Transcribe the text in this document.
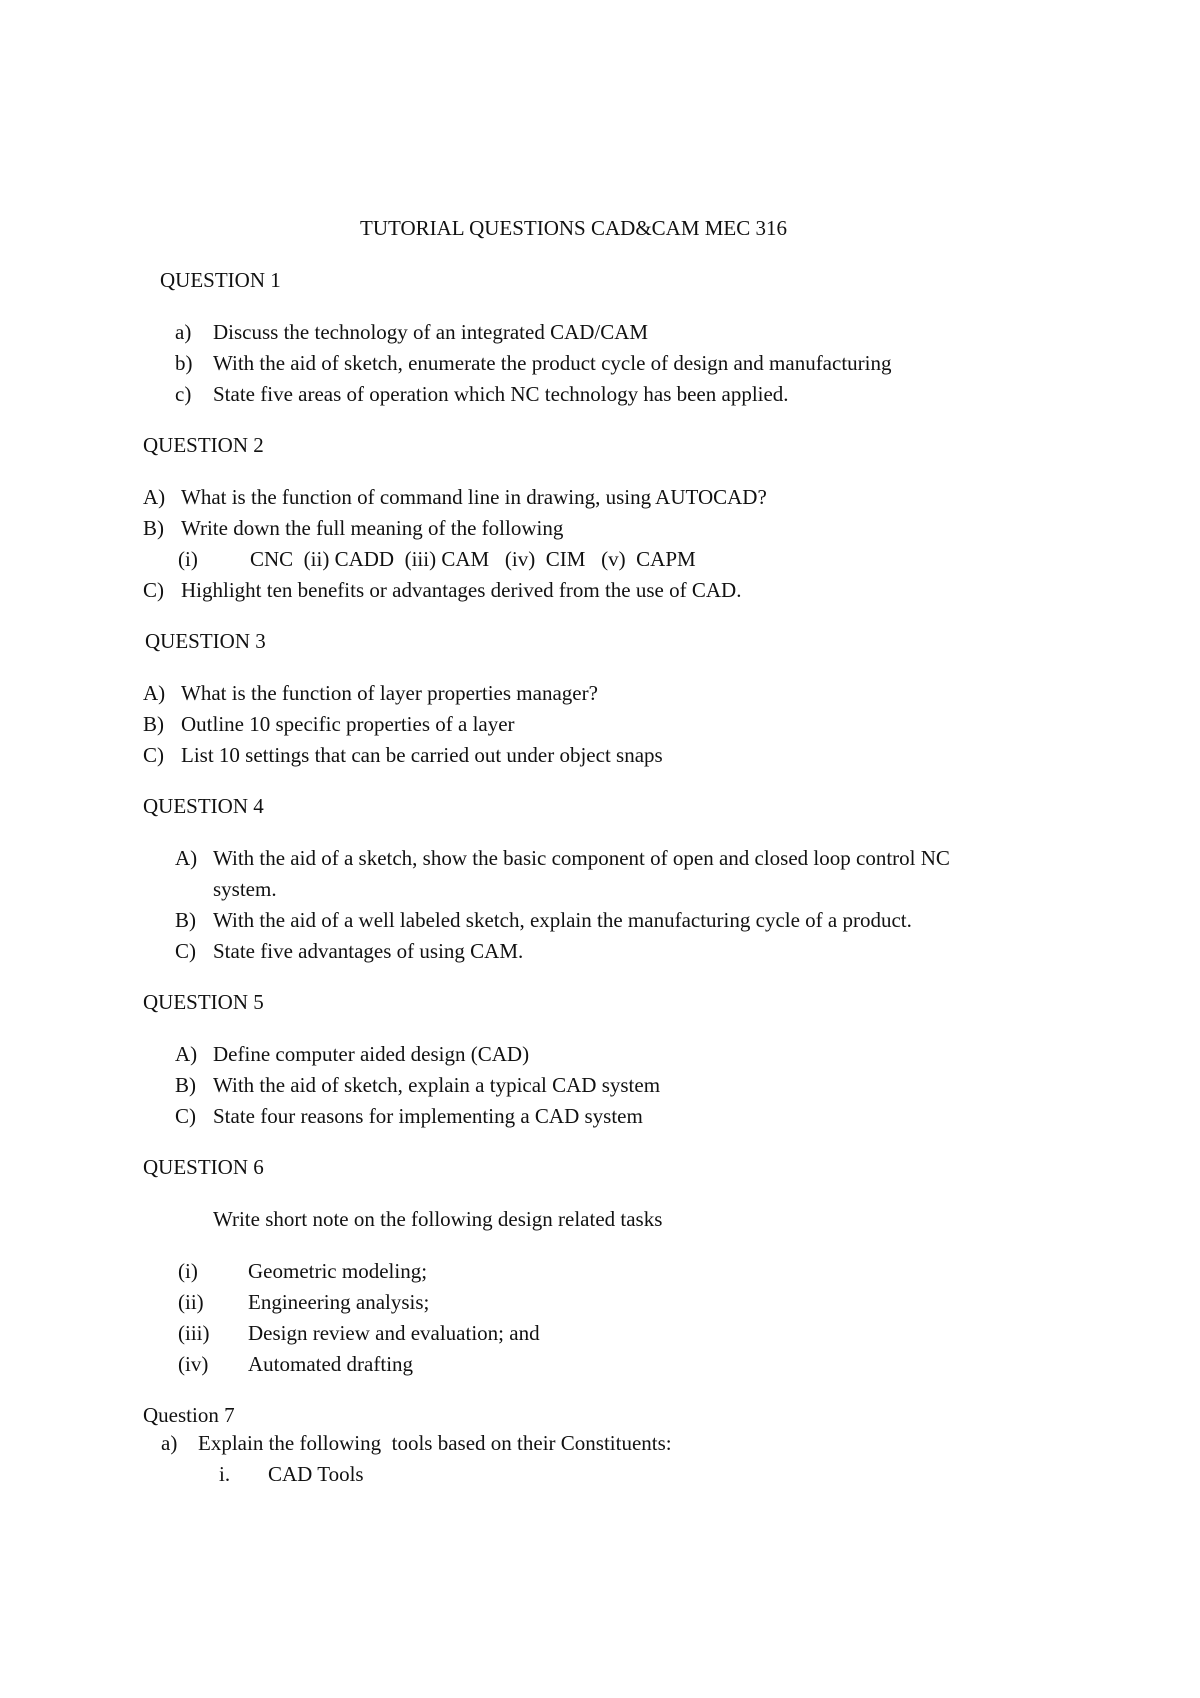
TUTORIAL QUESTIONS CAD&CAM MEC 316
QUESTION 1
a) Discuss the technology of an integrated CAD/CAM
b) With the aid of sketch, enumerate the product cycle of design and manufacturing
c) State five areas of operation which NC technology has been applied.
QUESTION 2
A) What is the function of command line in drawing, using AUTOCAD?
B) Write down the full meaning of the following
(i) CNC  (ii) CADD  (iii) CAM   (iv)  CIM   (v)  CAPM
C) Highlight ten benefits or advantages derived from the use of CAD.
QUESTION 3
A) What is the function of layer properties manager?
B) Outline 10 specific properties of a layer
C) List 10 settings that can be carried out under object snaps
QUESTION 4
A) With the aid of a sketch, show the basic component of open and closed loop control NC
system.
B) With the aid of a well labeled sketch, explain the manufacturing cycle of a product.
C) State five advantages of using CAM.
QUESTION 5
A) Define computer aided design (CAD)
B) With the aid of sketch, explain a typical CAD system
C) State four reasons for implementing a CAD system
QUESTION 6
Write short note on the following design related tasks
(i) Geometric modeling;
(ii) Engineering analysis;
(iii) Design review and evaluation; and
(iv) Automated drafting
Question 7
a) Explain the following  tools based on their Constituents:
i. CAD Tools
